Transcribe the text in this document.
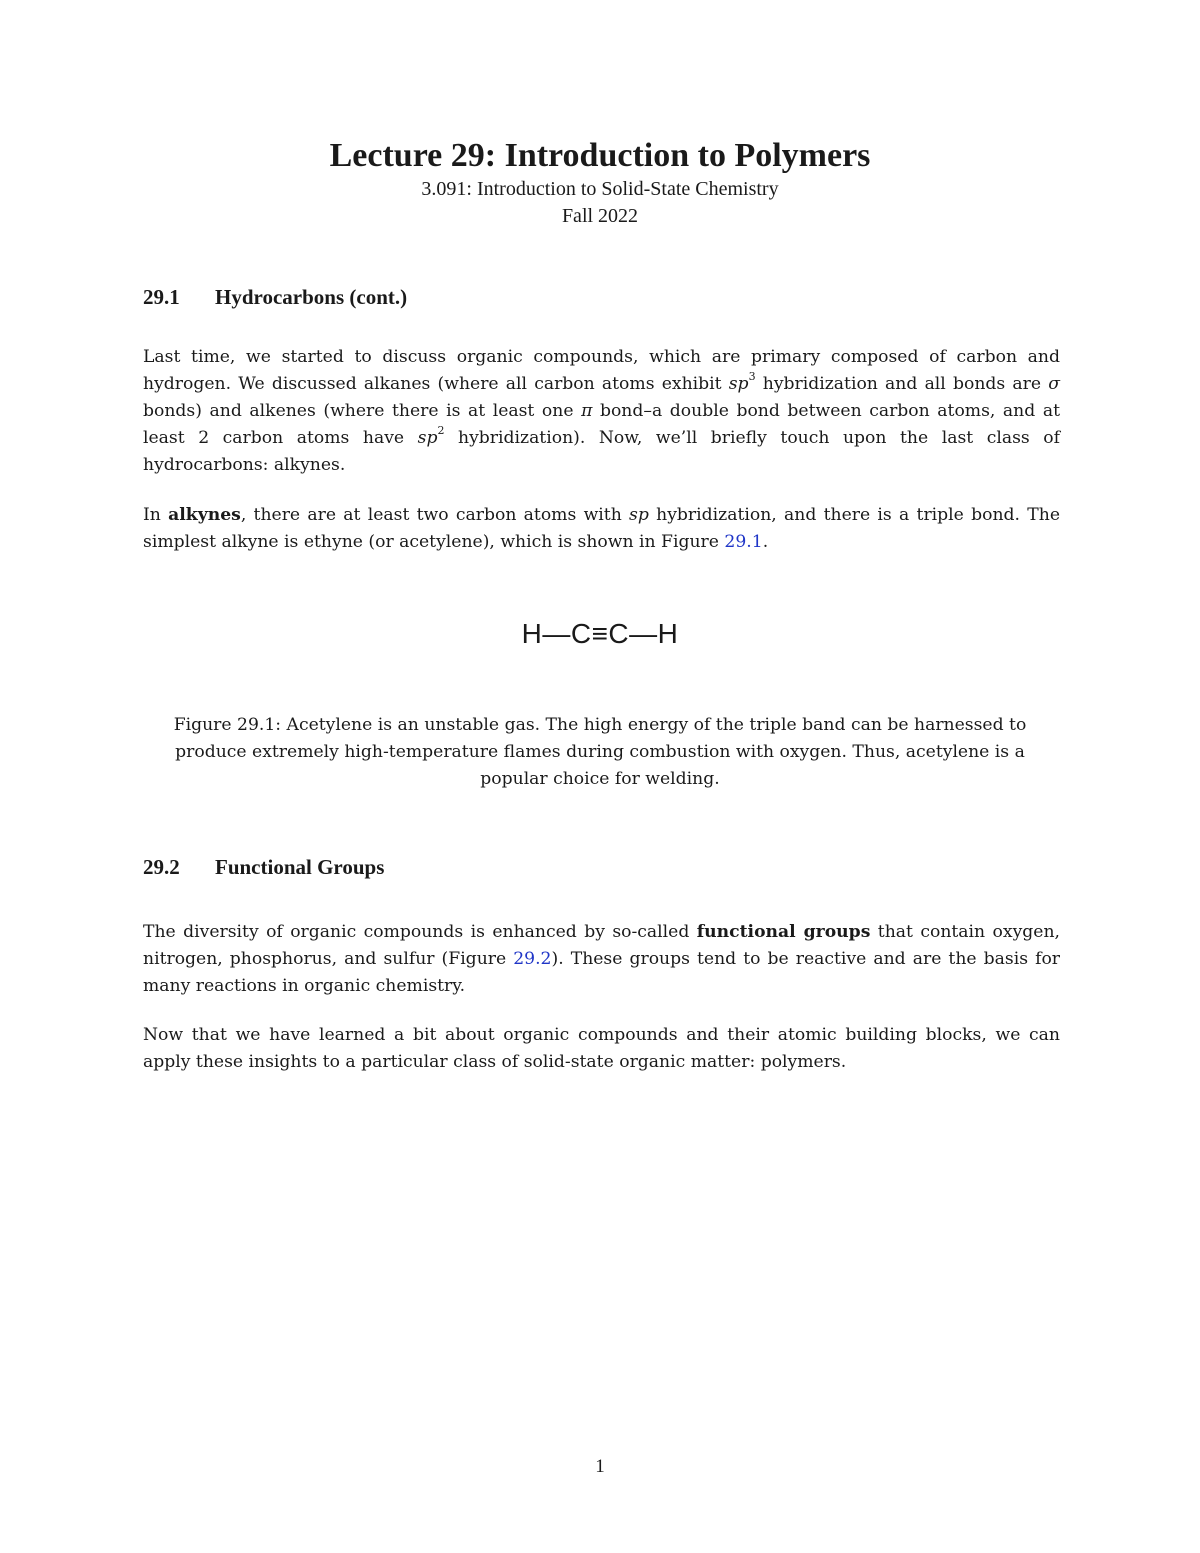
Lecture 29: Introduction to Polymers

3.091: Introduction to Solid-State Chemistry

Fall 2022

29.1 Hydrocarbons (cont.)

Last time, we started to discuss organic compounds, which are primary composed of carbon and hydrogen. We discussed alkanes (where all carbon atoms exhibit $sp^3$ hybridization and all bonds are σ bonds) and alkenes (where there is at least one π bond–a double bond between carbon atoms, and at least 2 carbon atoms have $sp^2$ hybridization). Now, we’ll briefly touch upon the last class of hydrocarbons: alkynes.

In alkynes, there are at least two carbon atoms with sp hybridization, and there is a triple bond. The simplest alkyne is ethyne (or acetylene), which is shown in Figure 29.1.

H—C≡C—H

Figure 29.1: Acetylene is an unstable gas. The high energy of the triple band can be harnessed to produce extremely high-temperature flames during combustion with oxygen. Thus, acetylene is a popular choice for welding.

29.2 Functional Groups

The diversity of organic compounds is enhanced by so-called functional groups that contain oxygen, nitrogen, phosphorus, and sulfur (Figure 29.2). These groups tend to be reactive and are the basis for many reactions in organic chemistry.

Now that we have learned a bit about organic compounds and their atomic building blocks, we can apply these insights to a particular class of solid-state organic matter: polymers.

1
